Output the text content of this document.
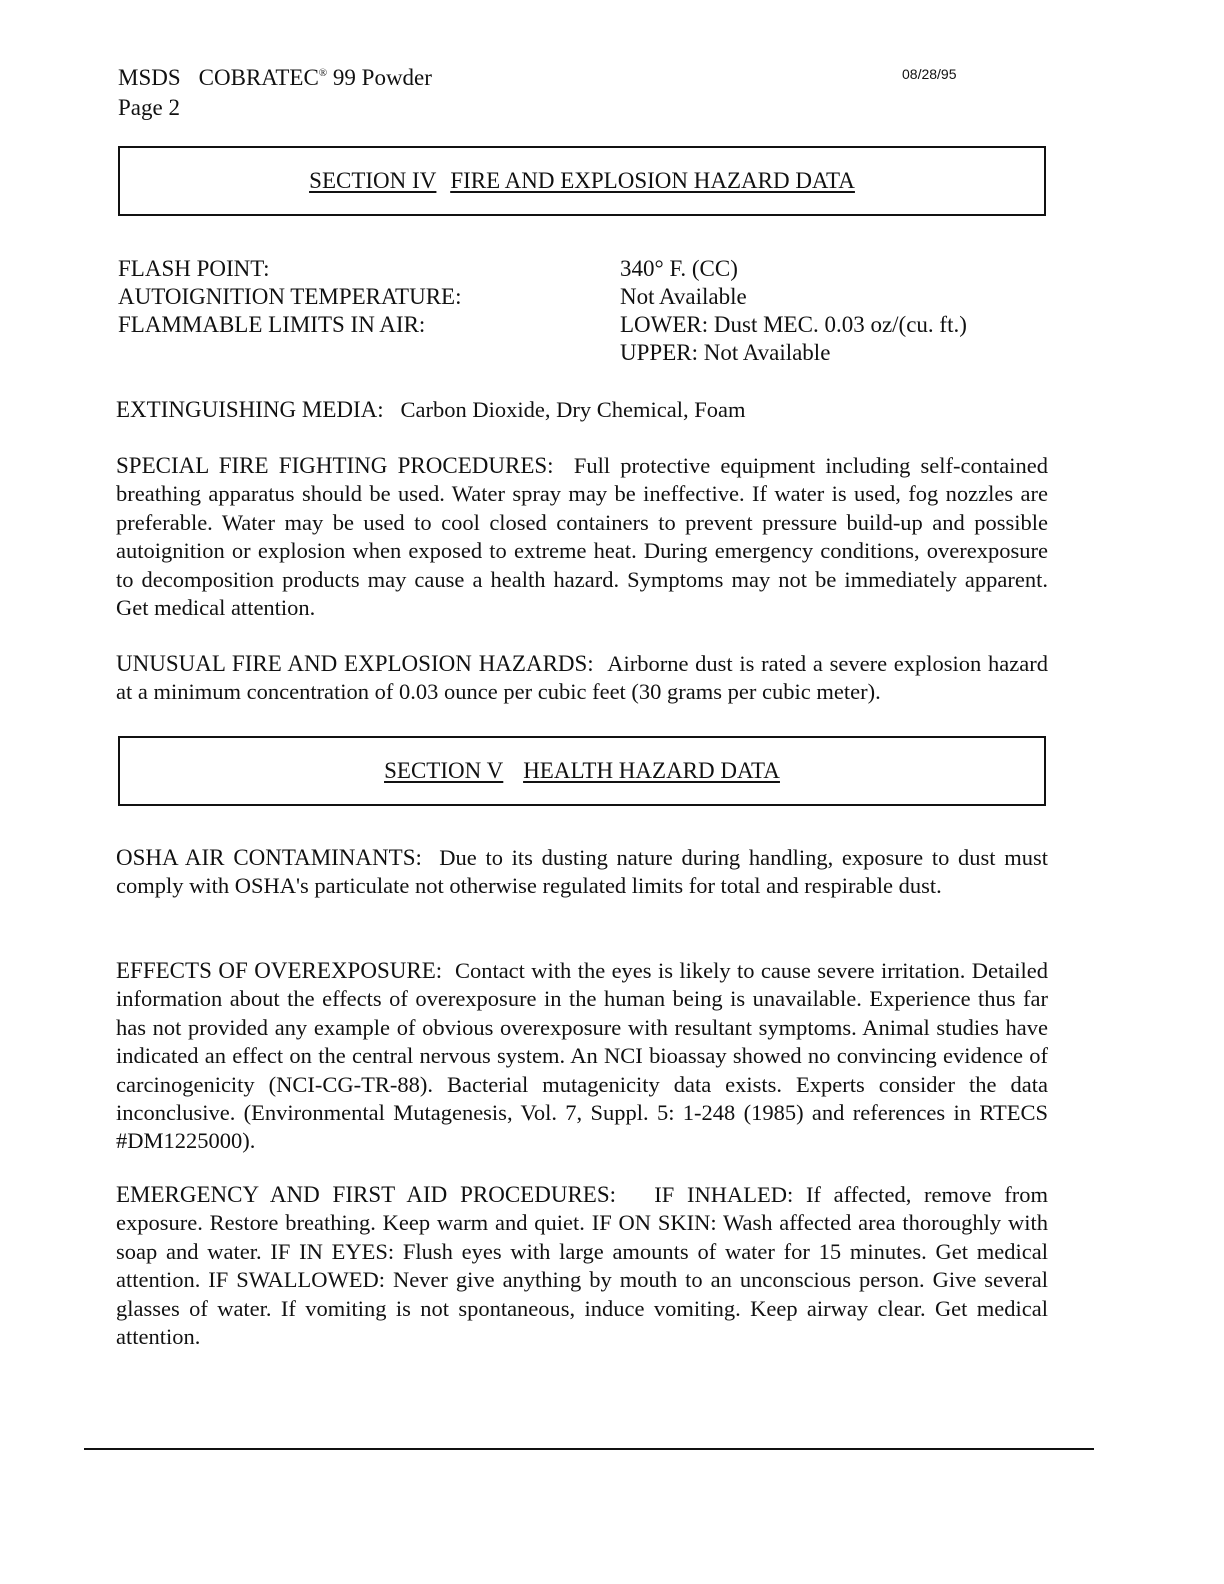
MSDS COBRATEC® 99 Powder
Page 2
08/28/95
SECTION IV FIRE AND EXPLOSION HAZARD DATA
FLASH POINT:	340° F. (CC)
AUTOIGNITION TEMPERATURE:	Not Available
FLAMMABLE LIMITS IN AIR:	LOWER: Dust MEC. 0.03 oz/(cu. ft.)
UPPER: Not Available

EXTINGUISHING MEDIA: Carbon Dioxide, Dry Chemical, Foam

SPECIAL FIRE FIGHTING PROCEDURES: Full protective equipment including self-contained breathing apparatus should be used. Water spray may be ineffective. If water is used, fog nozzles are preferable. Water may be used to cool closed containers to prevent pressure build-up and possible autoignition or explosion when exposed to extreme heat. During emergency conditions, overexposure to decomposition products may cause a health hazard. Symptoms may not be immediately apparent. Get medical attention.

UNUSUAL FIRE AND EXPLOSION HAZARDS: Airborne dust is rated a severe explosion hazard at a minimum concentration of 0.03 ounce per cubic feet (30 grams per cubic meter).

SECTION V HEALTH HAZARD DATA

OSHA AIR CONTAMINANTS: Due to its dusting nature during handling, exposure to dust must comply with OSHA's particulate not otherwise regulated limits for total and respirable dust.

EFFECTS OF OVEREXPOSURE: Contact with the eyes is likely to cause severe irritation. Detailed information about the effects of overexposure in the human being is unavailable. Experience thus far has not provided any example of obvious overexposure with resultant symptoms. Animal studies have indicated an effect on the central nervous system. An NCI bioassay showed no convincing evidence of carcinogenicity (NCI-CG-TR-88). Bacterial mutagenicity data exists. Experts consider the data inconclusive. (Environmental Mutagenesis, Vol. 7, Suppl. 5: 1-248 (1985) and references in RTECS #DM1225000).

EMERGENCY AND FIRST AID PROCEDURES: IF INHALED: If affected, remove from exposure. Restore breathing. Keep warm and quiet. IF ON SKIN: Wash affected area thoroughly with soap and water. IF IN EYES: Flush eyes with large amounts of water for 15 minutes. Get medical attention. IF SWALLOWED: Never give anything by mouth to an unconscious person. Give several glasses of water. If vomiting is not spontaneous, induce vomiting. Keep airway clear. Get medical attention.
